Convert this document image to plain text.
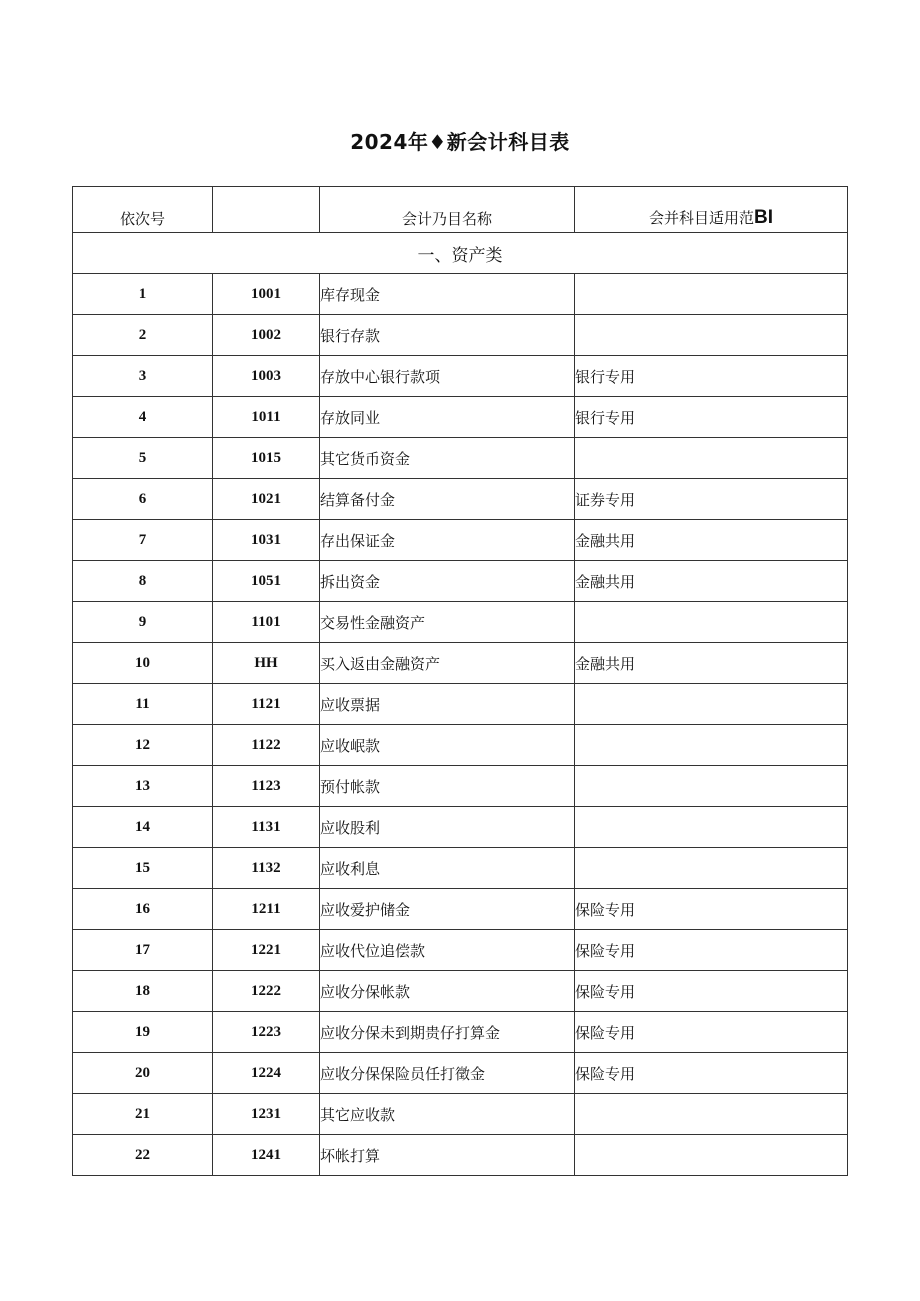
2024年♦新会计科目表
依次号		会计乃目名称	会并科目适用范BI
一、资产类			
1	1001	库存现金	
2	1002	银行存款	
3	1003	存放中心银行款项	银行专用
4	1011	存放同业	银行专用
5	1015	其它货币资金	
6	1021	结算备付金	证券专用
7	1031	存出保证金	金融共用
8	1051	拆出资金	金融共用
9	1101	交易性金融资产	
10	HH	买入返由金融资产	金融共用
11	1121	应收票据	
12	1122	应收岷款	
13	1123	预付帐款	
14	1131	应收股利	
15	1132	应收利息	
16	1211	应收爱护储金	保险专用
17	1221	应收代位追偿款	保险专用
18	1222	应收分保帐款	保险专用
19	1223	应收分保未到期贵仔打算金	保险专用
20	1224	应收分保保险员任打徵金	保险专用
21	1231	其它应收款	
22	1241	坏帐打算	
